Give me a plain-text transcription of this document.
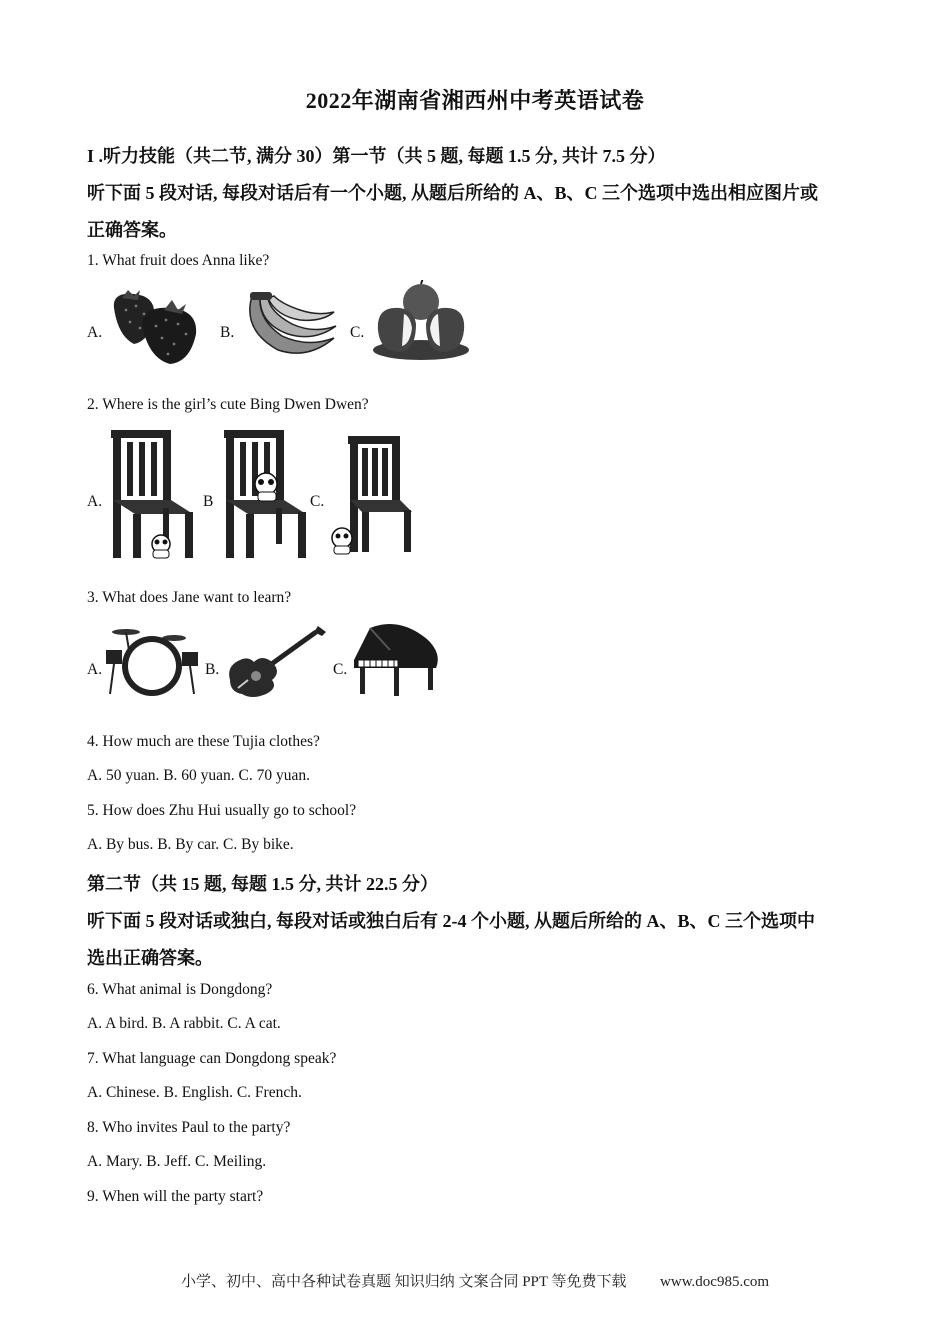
2022年湖南省湘西州中考英语试卷
I .听力技能（共二节, 满分 30）第一节（共 5 题, 每题 1.5 分, 共计 7.5 分）
听下面 5 段对话, 每段对话后有一个小题, 从题后所给的 A、B、C 三个选项中选出相应图片或
正确答案。
1. What fruit does Anna like?
A.	B.	C.
2. Where is the girl’s cute Bing Dwen Dwen?
A.	B	C.
3. What does Jane want to learn?
A.	B.	C.
4. How much are these Tujia clothes?
A. 50 yuan. B. 60 yuan. C. 70 yuan.
5. How does Zhu Hui usually go to school?
A. By bus. B. By car. C. By bike.
第二节（共 15 题, 每题 1.5 分, 共计 22.5 分）
听下面 5 段对话或独白, 每段对话或独白后有 2-4 个小题, 从题后所给的 A、B、C 三个选项中
选出正确答案。
6. What animal is Dongdong?
A. A bird. B. A rabbit. C. A cat.
7. What language can Dongdong speak?
A. Chinese. B. English. C. French.
8. Who invites Paul to the party?
A. Mary. B. Jeff. C. Meiling.
9. When will the party start?
小学、初中、高中各种试卷真题 知识归纳 文案合同 PPT 等免费下载 www.doc985.com
